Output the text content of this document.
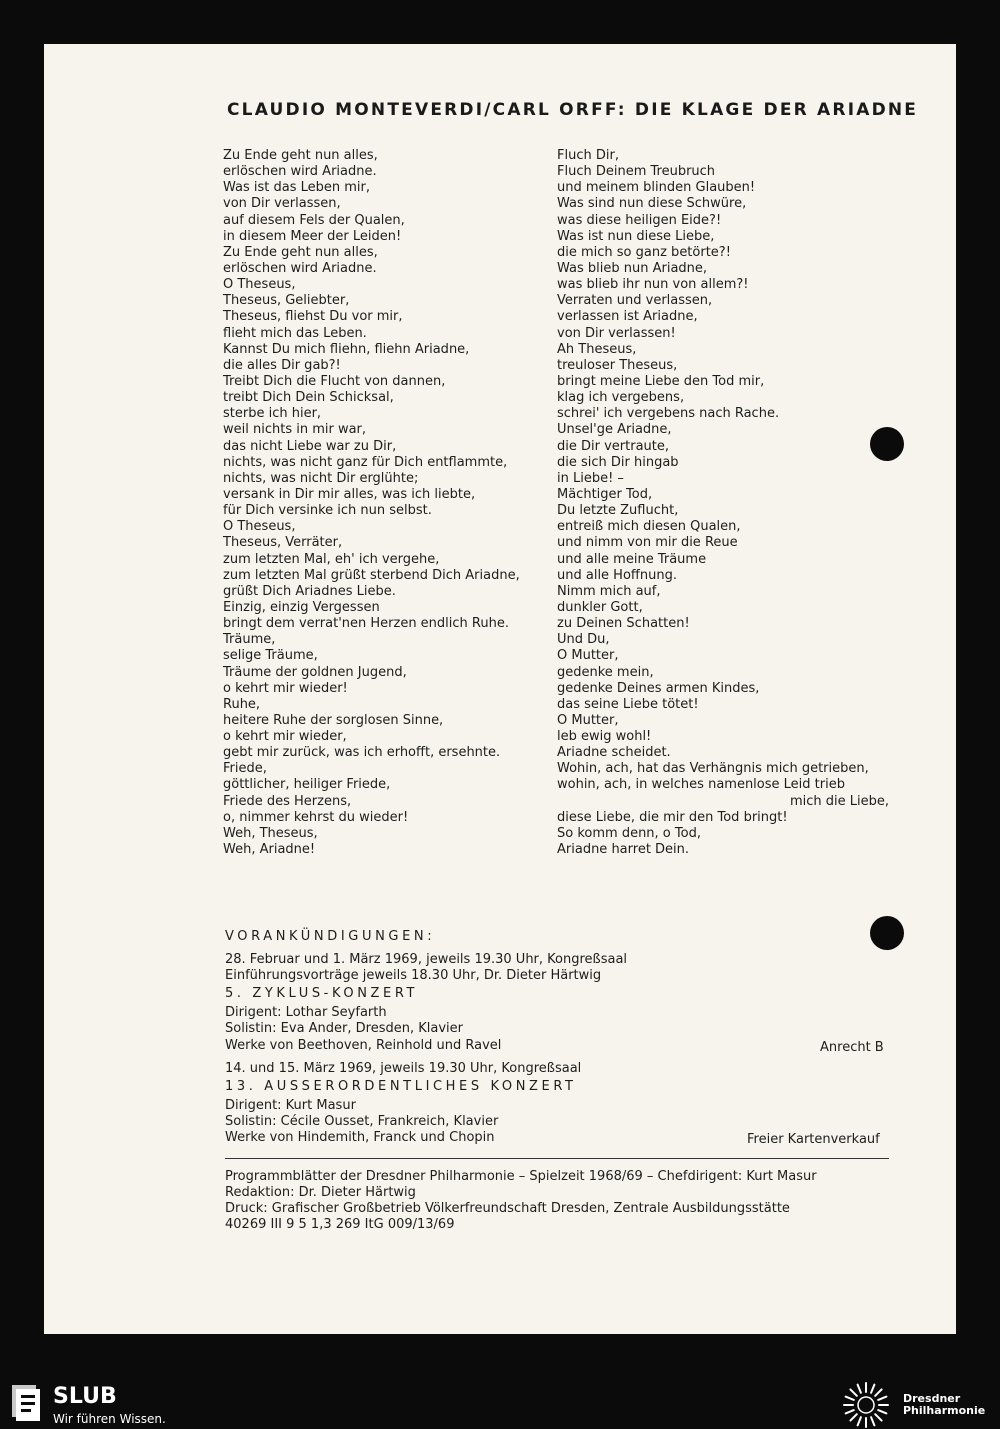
CLAUDIO MONTEVERDI/CARL ORFF: DIE KLAGE DER ARIADNE
Zu Ende geht nun alles,
erlöschen wird Ariadne.
Was ist das Leben mir,
von Dir verlassen,
auf diesem Fels der Qualen,
in diesem Meer der Leiden!
Zu Ende geht nun alles,
erlöschen wird Ariadne.
O Theseus,
Theseus, Geliebter,
Theseus, fliehst Du vor mir,
flieht mich das Leben.
Kannst Du mich fliehn, fliehn Ariadne,
die alles Dir gab?!
Treibt Dich die Flucht von dannen,
treibt Dich Dein Schicksal,
sterbe ich hier,
weil nichts in mir war,
das nicht Liebe war zu Dir,
nichts, was nicht ganz für Dich entflammte,
nichts, was nicht Dir erglühte;
versank in Dir mir alles, was ich liebte,
für Dich versinke ich nun selbst.
O Theseus,
Theseus, Verräter,
zum letzten Mal, eh' ich vergehe,
zum letzten Mal grüßt sterbend Dich Ariadne,
grüßt Dich Ariadnes Liebe.
Einzig, einzig Vergessen
bringt dem verrat'nen Herzen endlich Ruhe.
Träume,
selige Träume,
Träume der goldnen Jugend,
o kehrt mir wieder!
Ruhe,
heitere Ruhe der sorglosen Sinne,
o kehrt mir wieder,
gebt mir zurück, was ich erhofft, ersehnte.
Friede,
göttlicher, heiliger Friede,
Friede des Herzens,
o, nimmer kehrst du wieder!
Weh, Theseus,
Weh, Ariadne!
Fluch Dir,
Fluch Deinem Treubruch
und meinem blinden Glauben!
Was sind nun diese Schwüre,
was diese heiligen Eide?!
Was ist nun diese Liebe,
die mich so ganz betörte?!
Was blieb nun Ariadne,
was blieb ihr nun von allem?!
Verraten und verlassen,
verlassen ist Ariadne,
von Dir verlassen!
Ah Theseus,
treuloser Theseus,
bringt meine Liebe den Tod mir,
klag ich vergebens,
schrei' ich vergebens nach Rache.
Unsel'ge Ariadne,
die Dir vertraute,
die sich Dir hingab
in Liebe! –
Mächtiger Tod,
Du letzte Zuflucht,
entreiß mich diesen Qualen,
und nimm von mir die Reue
und alle meine Träume
und alle Hoffnung.
Nimm mich auf,
dunkler Gott,
zu Deinen Schatten!
Und Du,
O Mutter,
gedenke mein,
gedenke Deines armen Kindes,
das seine Liebe tötet!
O Mutter,
leb ewig wohl!
Ariadne scheidet.
Wohin, ach, hat das Verhängnis mich getrieben,
wohin, ach, in welches namenlose Leid trieb
mich die Liebe,
diese Liebe, die mir den Tod bringt!
So komm denn, o Tod,
Ariadne harret Dein.
VORANKÜNDIGUNGEN:
28. Februar und 1. März 1969, jeweils 19.30 Uhr, Kongreßsaal
Einführungsvorträge jeweils 18.30 Uhr, Dr. Dieter Härtwig
5. ZYKLUS-KONZERT
Dirigent: Lothar Seyfarth
Solistin: Eva Ander, Dresden, Klavier
Werke von Beethoven, Reinhold und Ravel	Anrecht B
14. und 15. März 1969, jeweils 19.30 Uhr, Kongreßsaal
13. AUSSERORDENTLICHES KONZERT
Dirigent: Kurt Masur
Solistin: Cécile Ousset, Frankreich, Klavier
Werke von Hindemith, Franck und Chopin	Freier Kartenverkauf
Programmblätter der Dresdner Philharmonie – Spielzeit 1968/69 – Chefdirigent: Kurt Masur
Redaktion: Dr. Dieter Härtwig
Druck: Grafischer Großbetrieb Völkerfreundschaft Dresden, Zentrale Ausbildungsstätte
40269 III 9 5 1,3 269 ItG 009/13/69
SLUB
Wir führen Wissen.
Dresdner
Philharmonie
